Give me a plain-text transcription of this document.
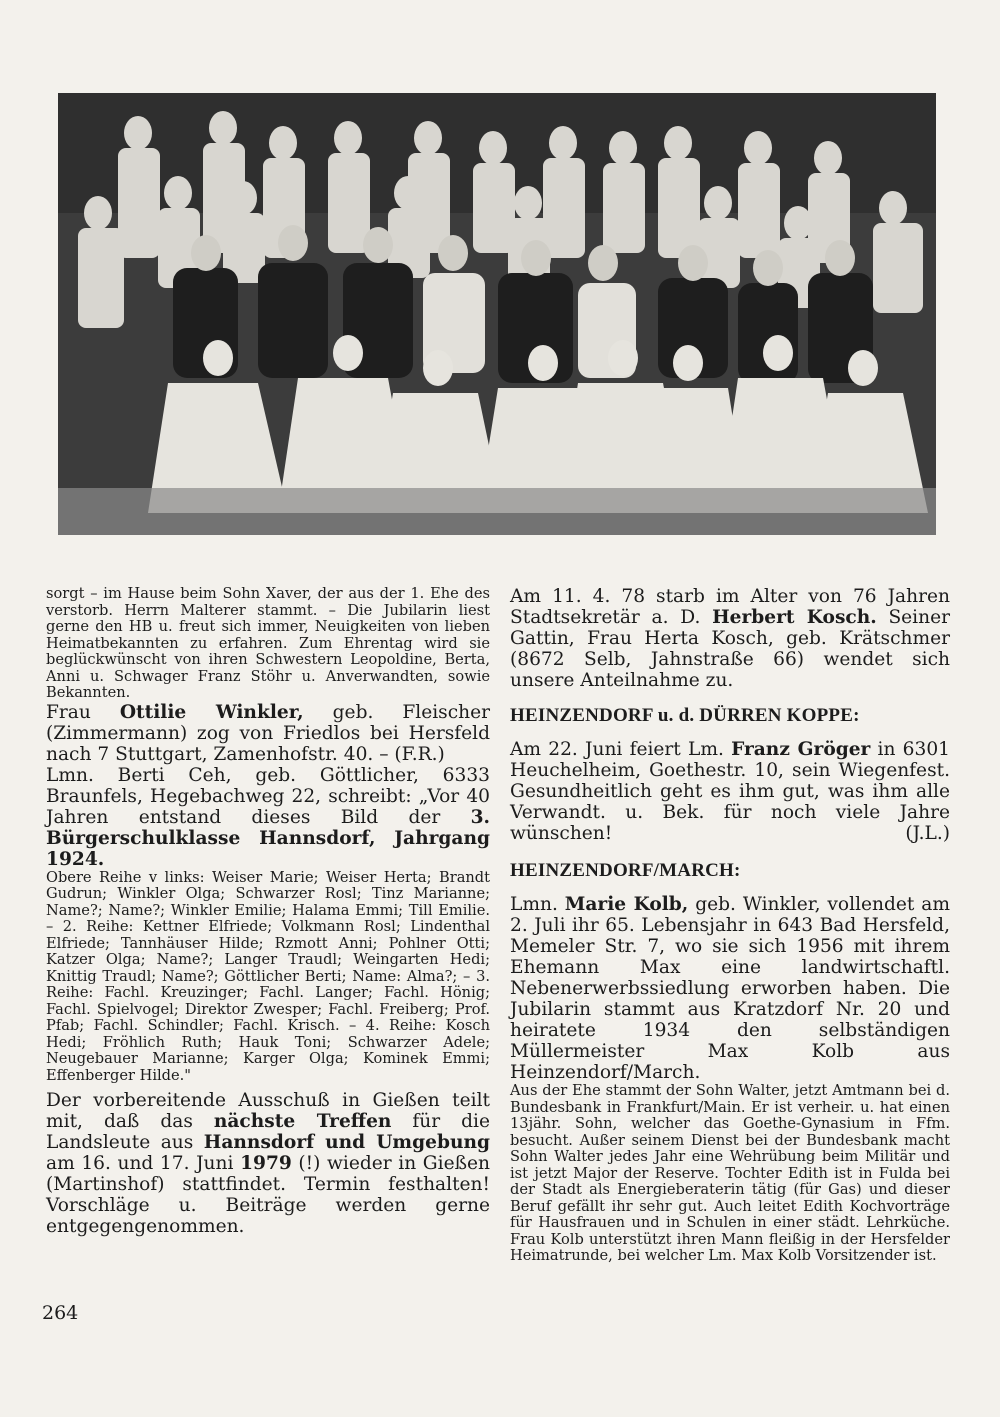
sorgt – im Hause beim Sohn Xaver, der aus der 1. Ehe des verstorb. Herrn Malterer stammt. – Die Jubilarin liest gerne den HB u. freut sich immer, Neuigkeiten von lieben Heimatbekannten zu erfahren. Zum Ehrentag wird sie beglückwünscht von ihren Schwestern Leopoldine, Berta, Anni u. Schwager Franz Stöhr u. Anverwandten, sowie Bekannten.

Frau Ottilie Winkler, geb. Fleischer (Zimmermann) zog von Friedlos bei Hersfeld nach 7 Stuttgart, Zamenhofstr. 40. – (F.R.)

Lmn. Berti Ceh, geb. Göttlicher, 6333 Braunfels, Hegebachweg 22, schreibt: „Vor 40 Jahren entstand dieses Bild der 3. Bürgerschulklasse Hannsdorf, Jahrgang 1924.

Obere Reihe v links: Weiser Marie; Weiser Herta; Brandt Gudrun; Winkler Olga; Schwarzer Rosl; Tinz Marianne; Name?; Name?; Winkler Emilie; Halama Emmi; Till Emilie. – 2. Reihe: Kettner Elfriede; Volkmann Rosl; Lindenthal Elfriede; Tannhäuser Hilde; Rzmott Anni; Pohlner Otti; Katzer Olga; Name?; Langer Traudl; Weingarten Hedi; Knittig Traudl; Name?; Göttlicher Berti; Name: Alma?; – 3. Reihe: Fachl. Kreuzinger; Fachl. Langer; Fachl. Hönig; Fachl. Spielvogel; Direktor Zwesper; Fachl. Freiberg; Prof. Pfab; Fachl. Schindler; Fachl. Krisch. – 4. Reihe: Kosch Hedi; Fröhlich Ruth; Hauk Toni; Schwarzer Adele; Neugebauer Marianne; Karger Olga; Kominek Emmi; Effenberger Hilde."

Der vorbereitende Ausschuß in Gießen teilt mit, daß das nächste Treffen für die Landsleute aus Hannsdorf und Umgebung am 16. und 17. Juni 1979 (!) wieder in Gießen (Martinshof) stattfindet. Termin festhalten! Vorschläge u. Beiträge werden gerne entgegengenommen.

Am 11. 4. 78 starb im Alter von 76 Jahren Stadtsekretär a. D. Herbert Kosch. Seiner Gattin, Frau Herta Kosch, geb. Krätschmer (8672 Selb, Jahnstraße 66) wendet sich unsere Anteilnahme zu.

HEINZENDORF u. d. DÜRREN KOPPE:

Am 22. Juni feiert Lm. Franz Gröger in 6301 Heuchelheim, Goethestr. 10, sein Wiegenfest. Gesundheitlich geht es ihm gut, was ihm alle Verwandt. u. Bek. für noch viele Jahre wünschen!	(J.L.)

HEINZENDORF/MARCH:

Lmn. Marie Kolb, geb. Winkler, vollendet am 2. Juli ihr 65. Lebensjahr in 643 Bad Hersfeld, Memeler Str. 7, wo sie sich 1956 mit ihrem Ehemann Max eine landwirtschaftl. Nebenerwerbssiedlung erworben haben. Die Jubilarin stammt aus Kratzdorf Nr. 20 und heiratete 1934 den selbständigen Müllermeister Max Kolb aus Heinzendorf/March.

Aus der Ehe stammt der Sohn Walter, jetzt Amtmann bei d. Bundesbank in Frankfurt/Main. Er ist verheir. u. hat einen 13jähr. Sohn, welcher das Goethe-Gynasium in Ffm. besucht. Außer seinem Dienst bei der Bundesbank macht Sohn Walter jedes Jahr eine Wehrübung beim Militär und ist jetzt Major der Reserve. Tochter Edith ist in Fulda bei der Stadt als Energieberaterin tätig (für Gas) und dieser Beruf gefällt ihr sehr gut. Auch leitet Edith Kochvorträge für Hausfrauen und in Schulen in einer städt. Lehrküche. Frau Kolb unterstützt ihren Mann fleißig in der Hersfelder Heimatrunde, bei welcher Lm. Max Kolb Vorsitzender ist.

264
